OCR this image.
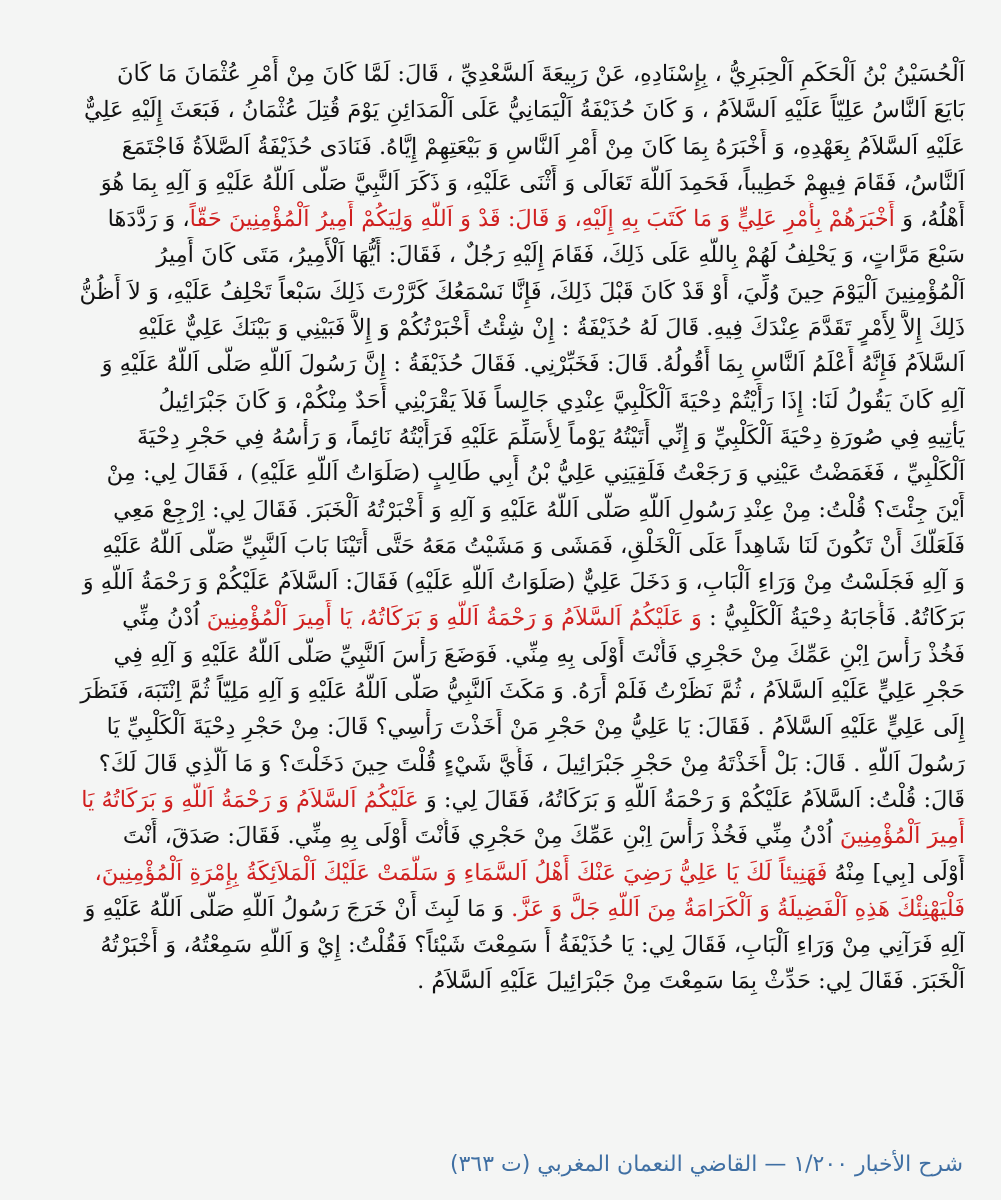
اَلْحُسَيْنُ بْنُ اَلْحَكَمِ اَلْحِبَرِيُّ ، بِإِسْنَادِهِ، عَنْ رَبِيعَةَ اَلسَّعْدِيِّ ، قَالَ: لَمَّا كَانَ مِنْ أَمْرِ عُثْمَانَ مَا كَانَ
بَايَعَ اَلنَّاسُ عَلِيّاً عَلَيْهِ اَلسَّلاَمُ ، وَ كَانَ حُذَيْفَةُ اَلْيَمَانِيُّ عَلَى اَلْمَدَائِنِ يَوْمَ قُتِلَ عُثْمَانُ ، فَبَعَثَ إِلَيْهِ عَلِيٌّ
عَلَيْهِ اَلسَّلاَمُ بِعَهْدِهِ، وَ أَخْبَرَهُ بِمَا كَانَ مِنْ أَمْرِ اَلنَّاسِ وَ بَيْعَتِهِمْ إِيَّاهُ. فَنَادَى حُذَيْفَةُ اَلصَّلاَةُ فَاجْتَمَعَ
اَلنَّاسُ، فَقَامَ فِيهِمْ خَطِيباً، فَحَمِدَ اَللَّهَ تَعَالَى وَ أَثْنَى عَلَيْهِ، وَ ذَكَرَ اَلنَّبِيَّ صَلَّى اَللَّهُ عَلَيْهِ وَ آلِهِ بِمَا هُوَ
أَهْلُهُ، وَ أَخْبَرَهُمْ بِأَمْرِ عَلِيٍّ وَ مَا كَتَبَ بِهِ إِلَيْهِ، وَ قَالَ: قَدْ وَ اَللَّهِ وَلِيَكُمْ أَمِيرُ اَلْمُؤْمِنِينَ حَقّاً، وَ رَدَّدَهَا
سَبْعَ مَرَّاتٍ، وَ يَحْلِفُ لَهُمْ بِاللَّهِ عَلَى ذَلِكَ، فَقَامَ إِلَيْهِ رَجُلٌ ، فَقَالَ: أَيُّهَا اَلْأَمِيرُ، مَتَى كَانَ أَمِيرُ
اَلْمُؤْمِنِينَ اَلْيَوْمَ حِينَ وُلِّيَ، أَوْ قَدْ كَانَ قَبْلَ ذَلِكَ، فَإِنَّا نَسْمَعُكَ كَرَّرْتَ ذَلِكَ سَبْعاً تَحْلِفُ عَلَيْهِ، وَ لاَ أَظُنُّ
ذَلِكَ إِلاَّ لِأَمْرٍ تَقَدَّمَ عِنْدَكَ فِيهِ. قَالَ لَهُ حُذَيْفَةُ : إِنْ شِئْتُ أَخْبَرْتُكُمْ وَ إِلاَّ فَبَيْنِي وَ بَيْنَكَ عَلِيٌّ عَلَيْهِ
اَلسَّلاَمُ فَإِنَّهُ أَعْلَمُ اَلنَّاسِ بِمَا أَقُولُهُ. قَالَ: فَخَبِّرْنِي. فَقَالَ حُذَيْفَةُ : إِنَّ رَسُولَ اَللَّهِ صَلَّى اَللَّهُ عَلَيْهِ وَ
آلِهِ كَانَ يَقُولُ لَنَا: إِذَا رَأَيْتُمْ دِحْيَةَ اَلْكَلْبِيَّ عِنْدِي جَالِساً فَلاَ يَقْرَبْنِي أَحَدٌ مِنْكُمْ، وَ كَانَ جَبْرَائِيلُ
يَأْتِيهِ فِي صُورَةِ دِحْيَةَ اَلْكَلْبِيِّ وَ إِنِّي أَتَيْتُهُ يَوْماً لِأُسَلِّمَ عَلَيْهِ فَرَأَيْتُهُ نَائِماً، وَ رَأْسُهُ فِي حَجْرِ دِحْيَةَ
اَلْكَلْبِيِّ ، فَغَمَضْتُ عَيْنِي وَ رَجَعْتُ فَلَقِيَنِي عَلِيُّ بْنُ أَبِي طَالِبٍ (صَلَوَاتُ اَللَّهِ عَلَيْهِ) ، فَقَالَ لِي: مِنْ
أَيْنَ جِئْتَ؟ قُلْتُ: مِنْ عِنْدِ رَسُولِ اَللَّهِ صَلَّى اَللَّهُ عَلَيْهِ وَ آلِهِ وَ أَخْبَرْتُهُ اَلْخَبَرَ. فَقَالَ لِي: اِرْجِعْ مَعِي
فَلَعَلَّكَ أَنْ تَكُونَ لَنَا شَاهِداً عَلَى اَلْخَلْقِ، فَمَشَى وَ مَشَيْتُ مَعَهُ حَتَّى أَتَيْنَا بَابَ اَلنَّبِيِّ صَلَّى اَللَّهُ عَلَيْهِ
وَ آلِهِ فَجَلَسْتُ مِنْ وَرَاءِ اَلْبَابِ، وَ دَخَلَ عَلِيٌّ (صَلَوَاتُ اَللَّهِ عَلَيْهِ) فَقَالَ: اَلسَّلاَمُ عَلَيْكُمْ وَ رَحْمَةُ اَللَّهِ وَ
بَرَكَاتُهُ. فَأَجَابَهُ دِحْيَةُ اَلْكَلْبِيُّ : وَ عَلَيْكُمُ اَلسَّلاَمُ وَ رَحْمَةُ اَللَّهِ وَ بَرَكَاتُهُ، يَا أَمِيرَ اَلْمُؤْمِنِينَ اُدْنُ مِنِّي
فَخُذْ رَأْسَ اِبْنِ عَمِّكَ مِنْ حَجْرِي فَأَنْتَ أَوْلَى بِهِ مِنِّي. فَوَضَعَ رَأْسَ اَلنَّبِيِّ صَلَّى اَللَّهُ عَلَيْهِ وَ آلِهِ فِي
حَجْرِ عَلِيٍّ عَلَيْهِ اَلسَّلاَمُ ، ثُمَّ نَظَرْتُ فَلَمْ أَرَهُ. وَ مَكَثَ اَلنَّبِيُّ صَلَّى اَللَّهُ عَلَيْهِ وَ آلِهِ مَلِيّاً ثُمَّ اِنْتَبَهَ، فَنَظَرَ
إِلَى عَلِيٍّ عَلَيْهِ اَلسَّلاَمُ . فَقَالَ: يَا عَلِيُّ مِنْ حَجْرِ مَنْ أَخَذْتَ رَأْسِي؟ قَالَ: مِنْ حَجْرِ دِحْيَةَ اَلْكَلْبِيِّ يَا
رَسُولَ اَللَّهِ . قَالَ: بَلْ أَخَذْتَهُ مِنْ حَجْرِ جَبْرَائِيلَ ، فَأَيَّ شَيْءٍ قُلْتَ حِينَ دَخَلْتَ؟ وَ مَا اَلَّذِي قَالَ لَكَ؟
قَالَ: قُلْتُ: اَلسَّلاَمُ عَلَيْكُمْ وَ رَحْمَةُ اَللَّهِ وَ بَرَكَاتُهُ، فَقَالَ لِي: وَ عَلَيْكُمُ اَلسَّلاَمُ وَ رَحْمَةُ اَللَّهِ وَ بَرَكَاتُهُ يَا
أَمِيرَ اَلْمُؤْمِنِينَ اُدْنُ مِنِّي فَخُذْ رَأْسَ اِبْنِ عَمِّكَ مِنْ حَجْرِي فَأَنْتَ أَوْلَى بِهِ مِنِّي. فَقَالَ: صَدَقَ، أَنْتَ
أَوْلَى [بِي] مِنْهُ فَهَنِيئاً لَكَ يَا عَلِيُّ رَضِيَ عَنْكَ أَهْلُ اَلسَّمَاءِ وَ سَلَّمَتْ عَلَيْكَ اَلْمَلاَئِكَةُ بِإِمْرَةِ اَلْمُؤْمِنِينَ،
فَلْيَهْنِئْكَ هَذِهِ اَلْفَضِيلَةُ وَ اَلْكَرَامَةُ مِنَ اَللَّهِ جَلَّ وَ عَزَّ. وَ مَا لَبِثَ أَنْ خَرَجَ رَسُولُ اَللَّهِ صَلَّى اَللَّهُ عَلَيْهِ وَ
آلِهِ فَرَآنِي مِنْ وَرَاءِ اَلْبَابِ، فَقَالَ لِي: يَا حُذَيْفَةُ أَ سَمِعْتَ شَيْئاً؟ فَقُلْتُ: إِيْ وَ اَللَّهِ سَمِعْتُهُ، وَ أَخْبَرْتُهُ
اَلْخَبَرَ. فَقَالَ لِي: حَدِّثْ بِمَا سَمِعْتَ مِنْ جَبْرَائِيلَ عَلَيْهِ اَلسَّلاَمُ .
شرح الأخبار ١/٢٠٠ — القاضي النعمان المغربي (ت ٣٦٣)
